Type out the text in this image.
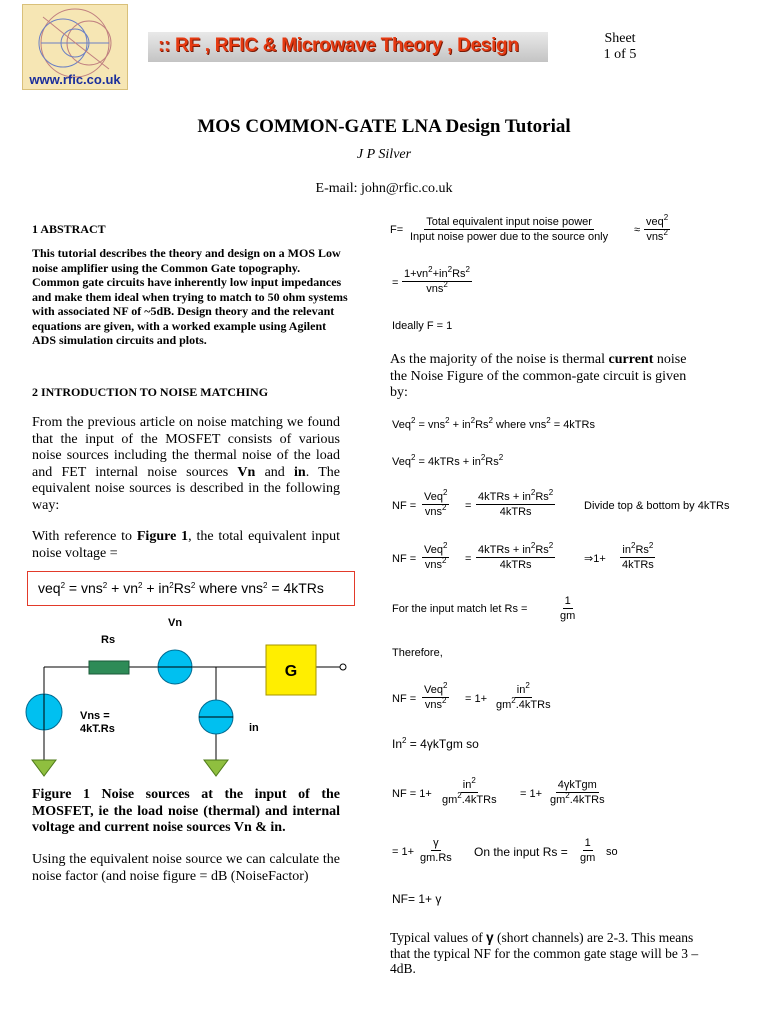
www.rfic.co.uk
:: RF , RFIC & Microwave Theory , Design	Sheet
1 of 5
MOS COMMON-GATE LNA Design Tutorial
J P Silver
E-mail: john@rfic.co.uk
1 ABSTRACT
This tutorial describes the theory and design on a MOS Low noise amplifier using the Common Gate topography. Common gate circuits have inherently low input impedances and make them ideal when trying to match to 50 ohm systems with associated NF of ~5dB. Design theory and the relevant equations are given, with a worked example using Agilent ADS simulation circuits and plots.
2 INTRODUCTION TO NOISE MATCHING
From the previous article on noise matching we found that the input of the MOSFET consists of various noise sources including the thermal noise of the load and FET internal noise sources Vn and in. The equivalent noise sources is described in the following way:
With reference to Figure 1, the total equivalent input noise voltage =
$veq^2 = vns^2 + vn^2 + in^2Rs^2$ where vns$^2$ = 4kTRs
G
Rs
Vn
Vns =
4kT.Rs	in
Figure 1 Noise sources at the input of the MOSFET, ie the load noise (thermal) and internal voltage and current noise sources Vn & in.
Using the equivalent noise source we can calculate the noise factor (and noise figure = dB (NoiseFactor)
F=
Total equivalent input noise power
Input noise power due to the source only
≈
veq$^2$
vns$^2$
=
$1+vn^2+in^2Rs^2$
vns$^2$
Ideally F = 1
As the majority of the noise is thermal current noise the Noise Figure of the common-gate circuit is given by:
$Veq^2 = vns^2 + in^2Rs^2$ where vns$^2$ = 4kTRs
Veq$^2$ = 4kTRs + $in^2Rs^2$
NF =
Veq$^2$
vns$^2$ =
4kTRs + $in^2Rs^2$
4kTRs	Divide top & bottom by 4kTRs
NF =
Veq$^2$
vns$^2$ =
4kTRs + $in^2Rs^2$
4kTRs	⇒1+
$in^2Rs^2$
4kTRs
For the input match let Rs =	$\frac{1}{gm}$
Therefore,
NF =
Veq$^2$
vns$^2$ = 1+
$in^2$
$gm^2.4kTRs$
$In^2$ = 4γkTgm so
NF = 1+
$in^2$
$gm^2.4kTRs = 1+$
4γkTgm
$gm^2.4kTRs$
= $1+ \frac{\gamma}{gm.Rs}$ On the input $Rs = \frac{1}{gm}$ so
NF= 1+ γ
Typical values of γ (short channels) are 2-3. This means that the typical NF for the common gate stage will be 3 – 4dB.
